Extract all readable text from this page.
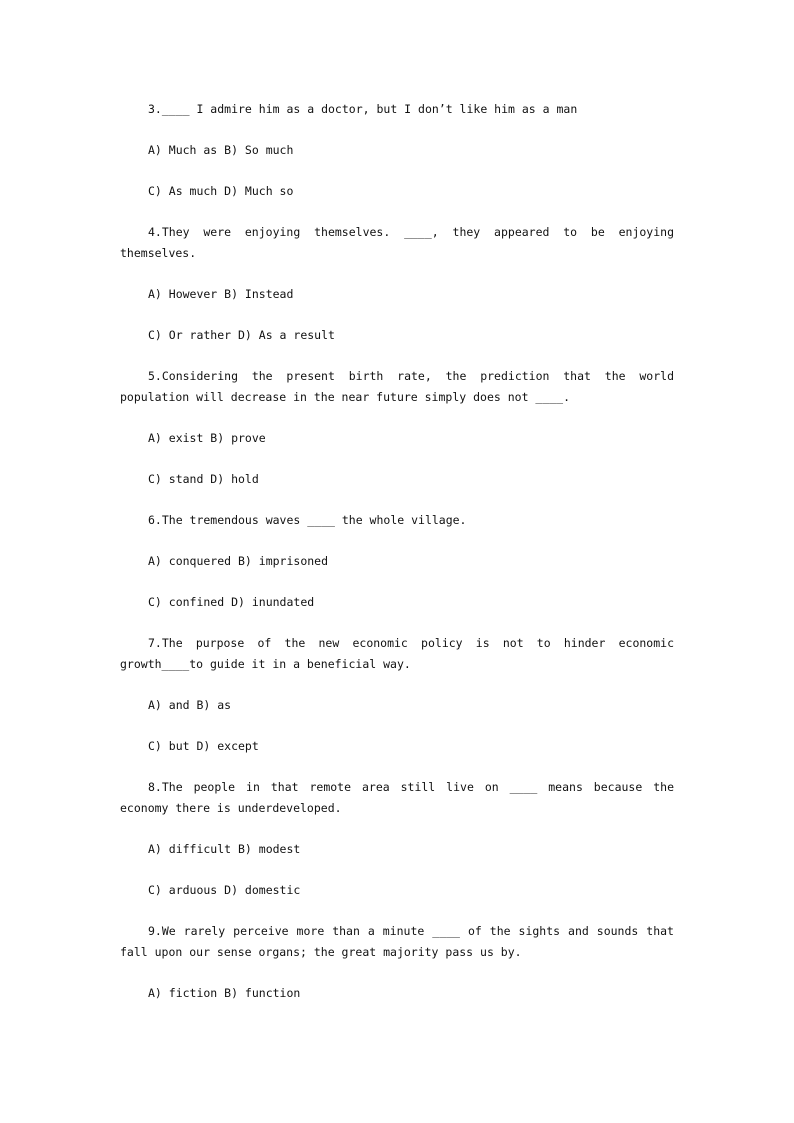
3.____ I admire him as a doctor, but I don’t like him as a man

A) Much as B) So much

C) As much D) Much so

4.They were enjoying themselves. ____, they appeared to be enjoying themselves.

A) However B) Instead

C) Or rather D) As a result

5.Considering the present birth rate, the prediction that the world population will decrease in the near future simply does not ____.

A) exist B) prove

C) stand D) hold

6.The tremendous waves ____ the whole village.

A) conquered B) imprisoned

C) confined D) inundated

7.The purpose of the new economic policy is not to hinder economic growth____to guide it in a beneficial way.

A) and B) as

C) but D) except

8.The people in that remote area still live on ____ means because the economy there is underdeveloped.

A) difficult B) modest

C) arduous D) domestic

9.We rarely perceive more than a minute ____ of the sights and sounds that fall upon our sense organs; the great majority pass us by.

A) fiction B) function
